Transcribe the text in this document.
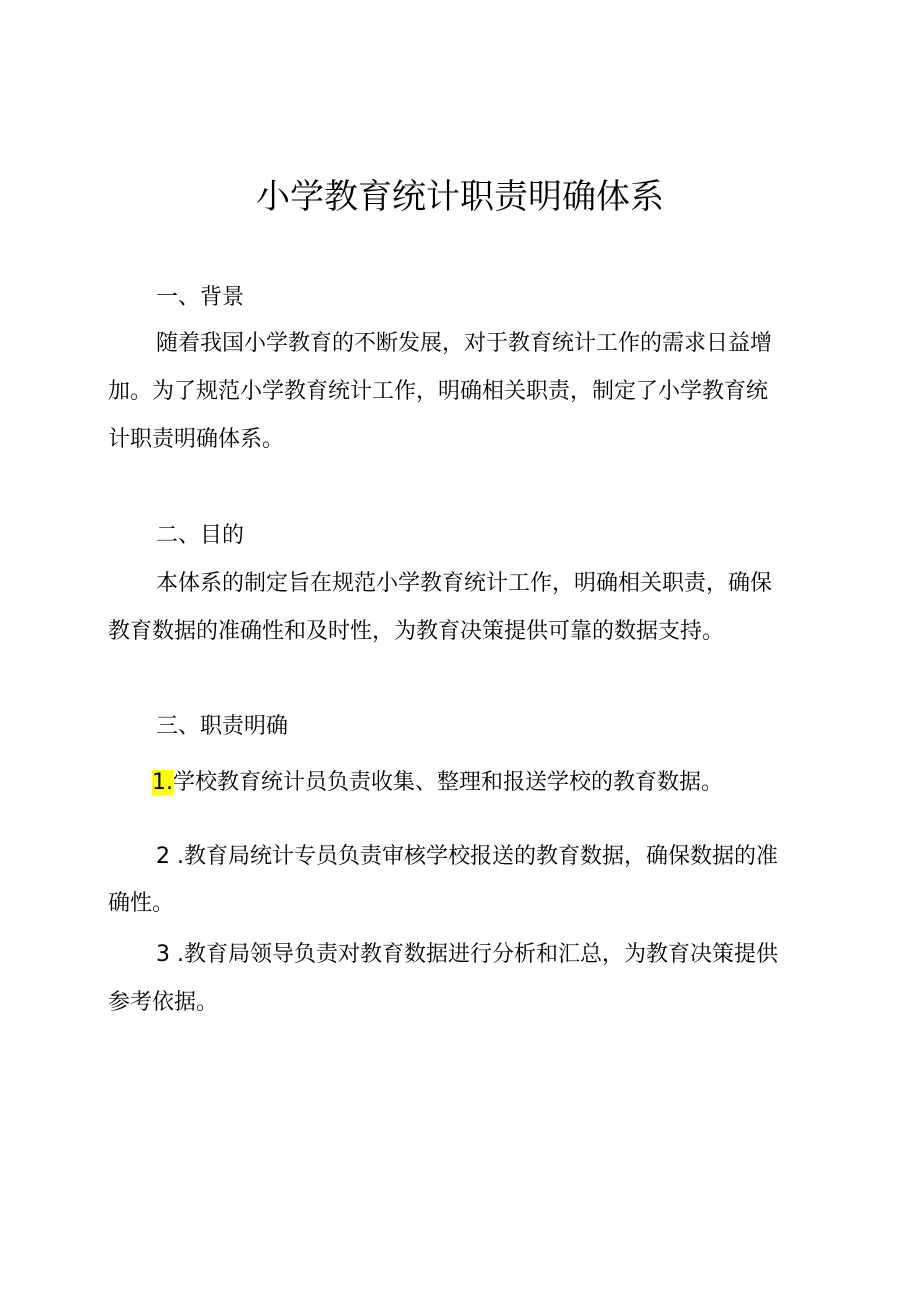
小学教育统计职责明确体系
一、背景
随着我国小学教育的不断发展，对于教育统计工作的需求日益增
加。为了规范小学教育统计工作，明确相关职责，制定了小学教育统
计职责明确体系。
二、目的
本体系的制定旨在规范小学教育统计工作，明确相关职责，确保
教育数据的准确性和及时性，为教育决策提供可靠的数据支持。
三、职责明确
1.学校教育统计员负责收集、整理和报送学校的教育数据。
2 .教育局统计专员负责审核学校报送的教育数据，确保数据的准
确性。
3 .教育局领导负责对教育数据进行分析和汇总，为教育决策提供
参考依据。
